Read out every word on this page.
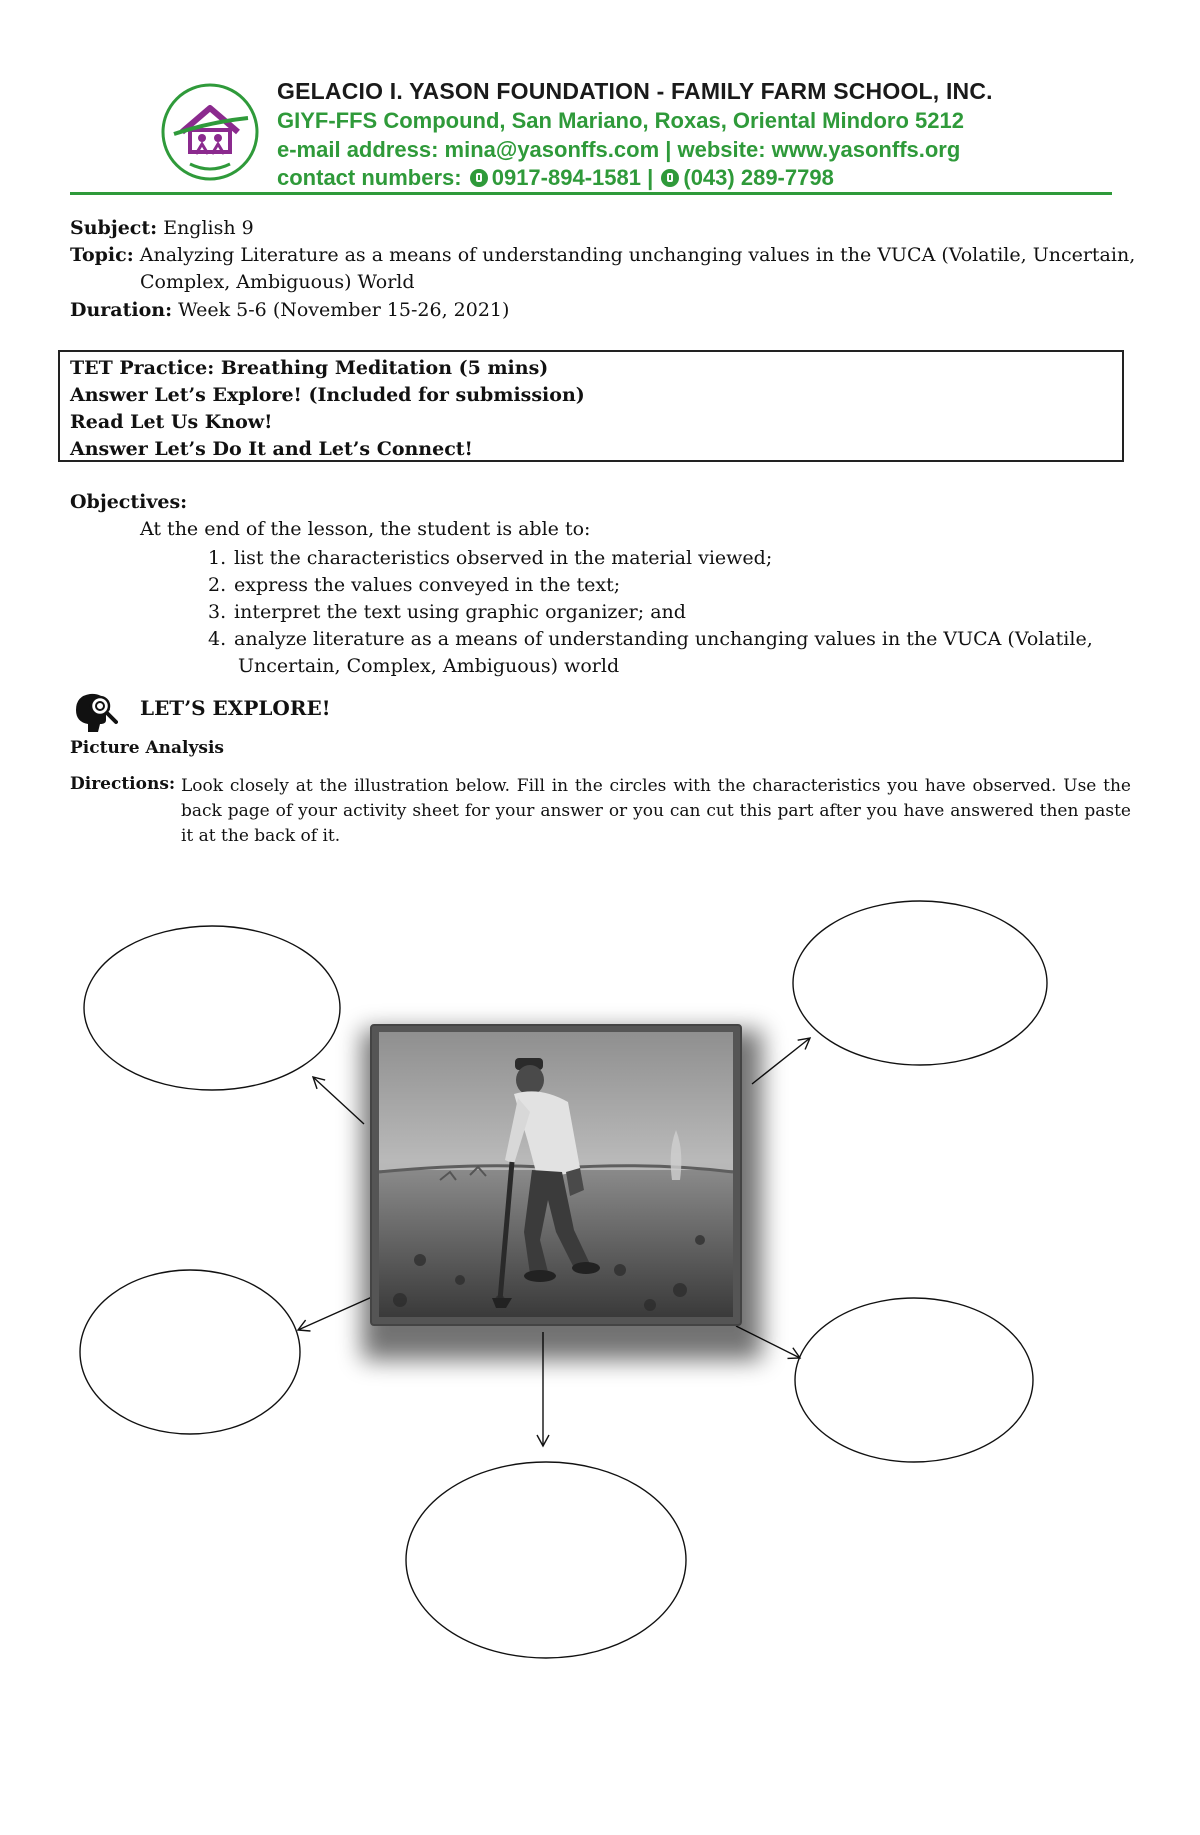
GELACIO I. YASON FOUNDATION - FAMILY FARM SCHOOL, INC.
GIYF-FFS Compound, San Mariano, Roxas, Oriental Mindoro 5212
e-mail address: mina@yasonffs.com | website: www.yasonffs.org
contact numbers: 0917-894-1581 | (043) 289-7798
Subject: English 9
Topic: Analyzing Literature as a means of understanding unchanging values in the VUCA (Volatile, Uncertain,
Complex, Ambiguous) World
Duration: Week 5-6 (November 15-26, 2021)
TET Practice: Breathing Meditation (5 mins)
Answer Let’s Explore! (Included for submission)
Read Let Us Know!
Answer Let’s Do It and Let’s Connect!
Objectives:
At the end of the lesson, the student is able to:
1. list the characteristics observed in the material viewed;
2. express the values conveyed in the text;
3. interpret the text using graphic organizer; and
4. analyze literature as a means of understanding unchanging values in the VUCA (Volatile,
Uncertain, Complex, Ambiguous) world
LET’S EXPLORE!
Picture Analysis
Directions: Look closely at the illustration below. Fill in the circles with the characteristics you have observed. Use the back page of your activity sheet for your answer or you can cut this part after you have answered then paste it at the back of it.
